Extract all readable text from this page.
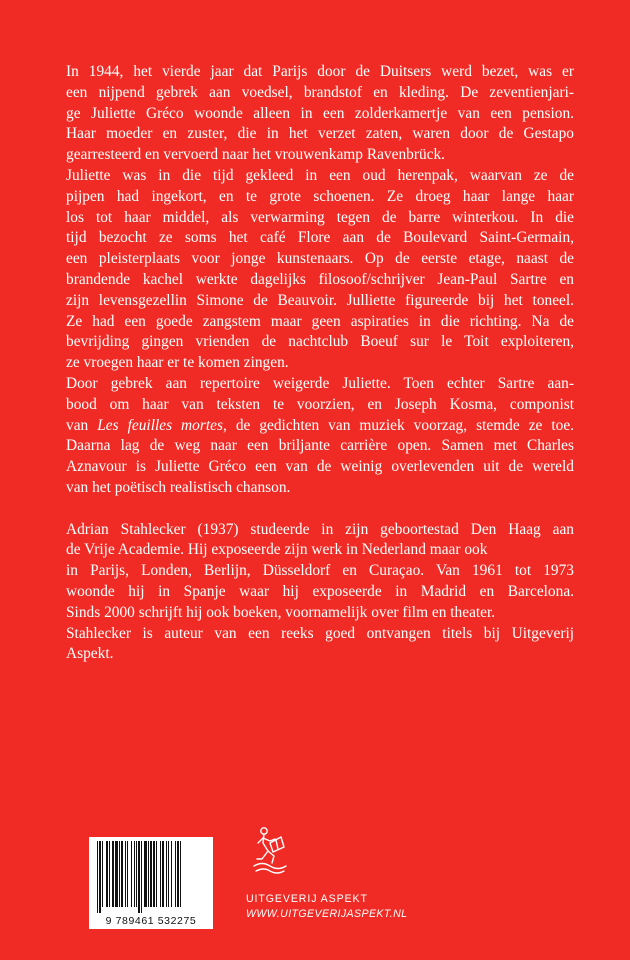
In 1944, het vierde jaar dat Parijs door de Duitsers werd bezet, was er
een nijpend gebrek aan voedsel, brandstof en kleding. De zeventienjari-
ge Juliette Gréco woonde alleen in een zolderkamertje van een pension.
Haar moeder en zuster, die in het verzet zaten, waren door de Gestapo
gearresteerd en vervoerd naar het vrouwenkamp Ravenbrück.
Juliette was in die tijd gekleed in een oud herenpak, waarvan ze de
pijpen had ingekort, en te grote schoenen. Ze droeg haar lange haar
los tot haar middel, als verwarming tegen de barre winterkou. In die
tijd bezocht ze soms het café Flore aan de Boulevard Saint-Germain,
een pleisterplaats voor jonge kunstenaars. Op de eerste etage, naast de
brandende kachel werkte dagelijks filosoof/schrijver Jean-Paul Sartre en
zijn levensgezellin Simone de Beauvoir. Julliette figureerde bij het toneel.
Ze had een goede zangstem maar geen aspiraties in die richting. Na de
bevrijding gingen vrienden de nachtclub Boeuf sur le Toit exploiteren,
ze vroegen haar er te komen zingen.
Door gebrek aan repertoire weigerde Juliette. Toen echter Sartre aan-
bood om haar van teksten te voorzien, en Joseph Kosma, componist
van Les feuilles mortes, de gedichten van muziek voorzag, stemde ze toe.
Daarna lag de weg naar een briljante carrière open. Samen met Charles
Aznavour is Juliette Gréco een van de weinig overlevenden uit de wereld
van het poëtisch realistisch chanson.

Adrian Stahlecker (1937) studeerde in zijn geboortestad Den Haag aan
de Vrije Academie. Hij exposeerde zijn werk in Nederland maar ook
in Parijs, Londen, Berlijn, Düsseldorf en Curaçao. Van 1961 tot 1973
woonde hij in Spanje waar hij exposeerde in Madrid en Barcelona.
Sinds 2000 schrijft hij ook boeken, voornamelijk over film en theater.
Stahlecker is auteur van een reeks goed ontvangen titels bij Uitgeverij
Aspekt.

9 789461 532275
UITGEVERIJ ASPEKT
WWW.UITGEVERIJASPEKT.NL
